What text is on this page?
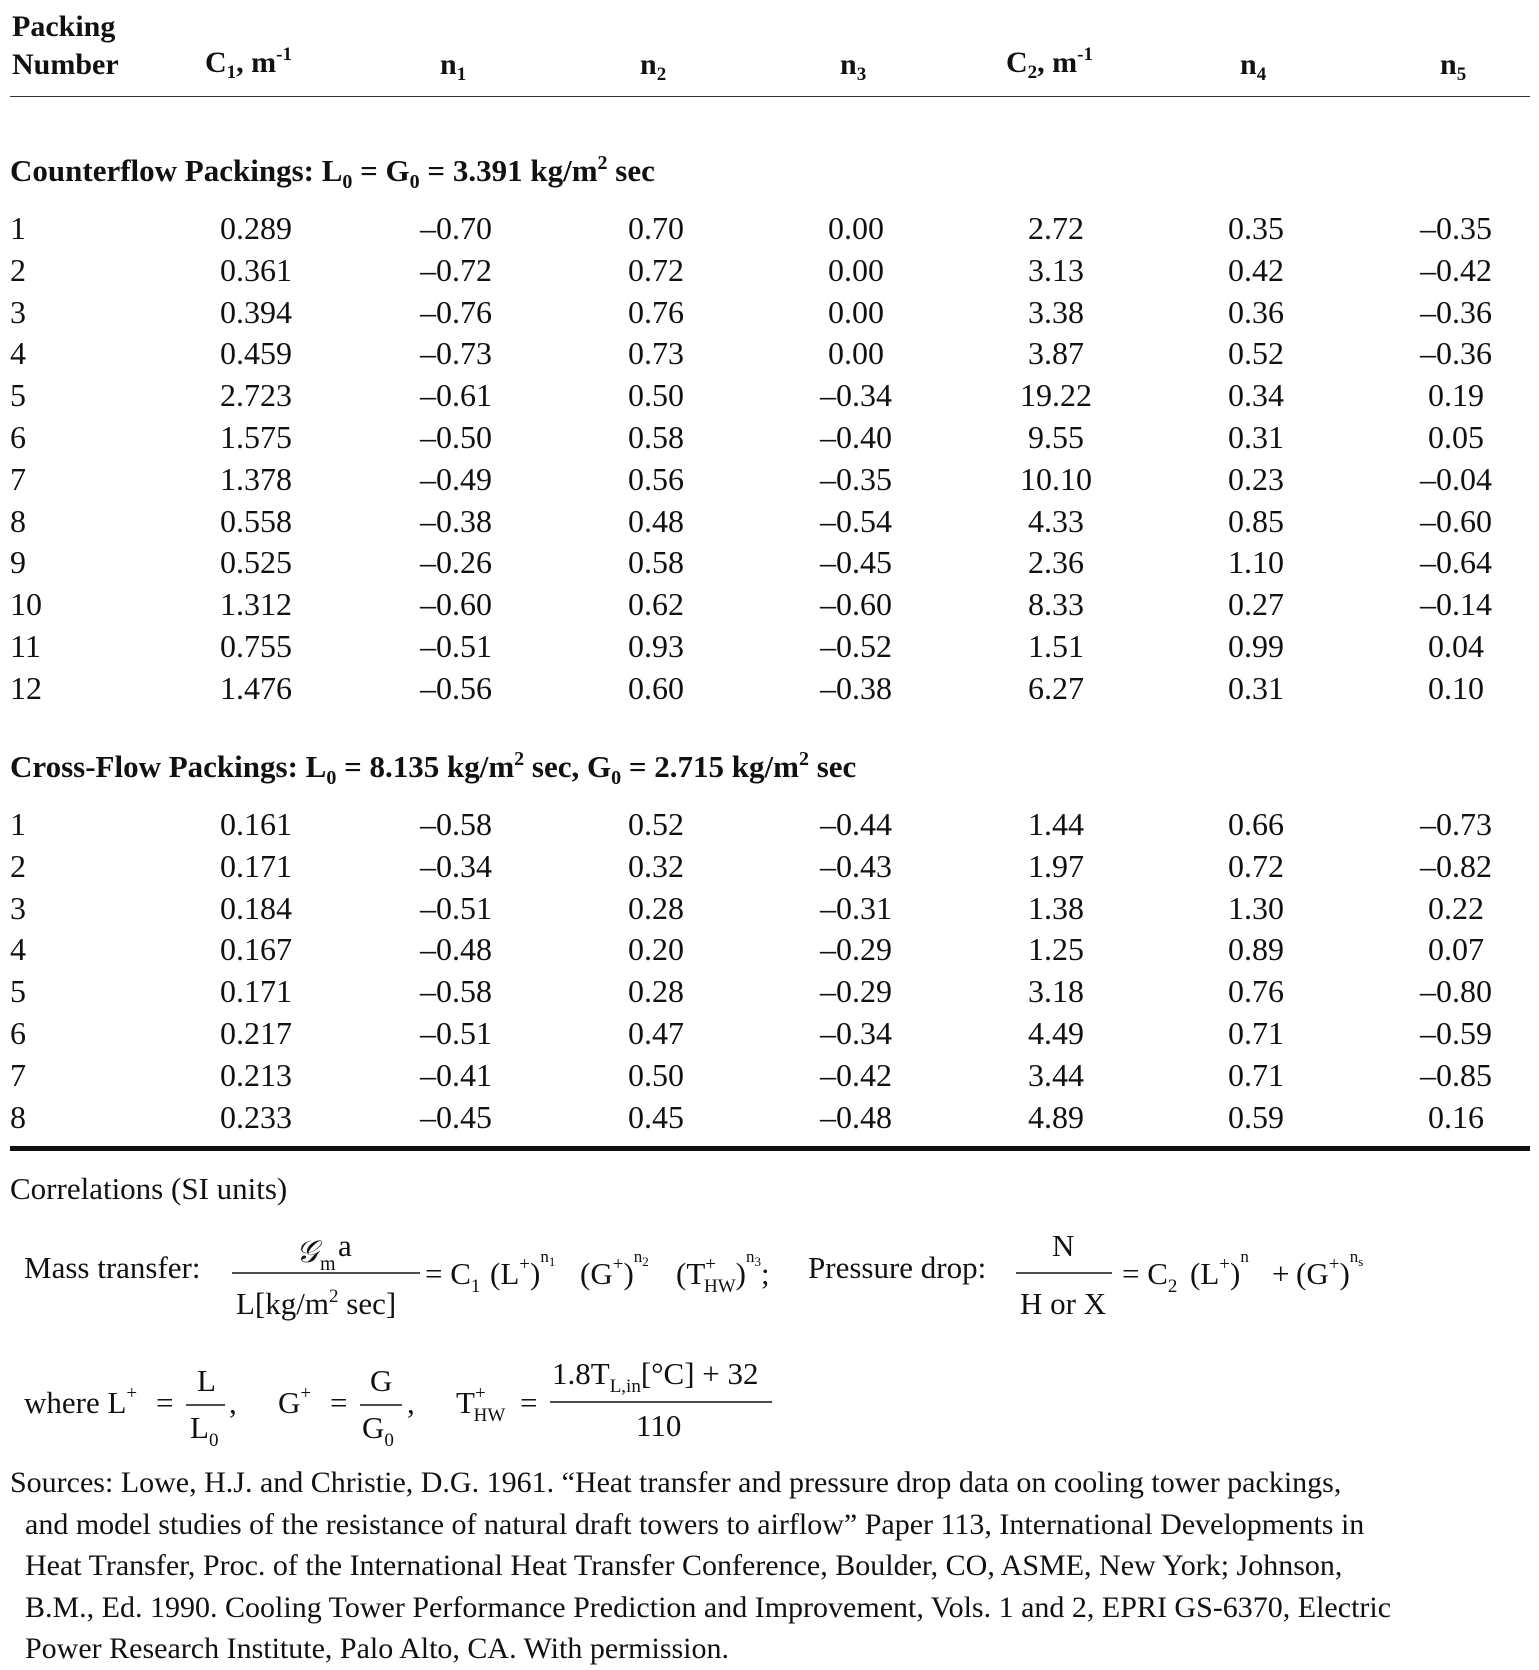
Packing
Number	$C_1$, $m^{-1}$	$n_1$	$n_2$	$n_3$	$C_2$, $m^{-1}$	$n_4$	$n_5$
Counterflow Packings: $L_0 = G_0 = 3.391$ $kg/m^2$ sec
1	0.289	–0.70	0.70	0.00	2.72	0.35	–0.35
2	0.361	–0.72	0.72	0.00	3.13	0.42	–0.42
3	0.394	–0.76	0.76	0.00	3.38	0.36	–0.36
4	0.459	–0.73	0.73	0.00	3.87	0.52	–0.36
5	2.723	–0.61	0.50	–0.34	19.22	0.34	0.19
6	1.575	–0.50	0.58	–0.40	9.55	0.31	0.05
7	1.378	–0.49	0.56	–0.35	10.10	0.23	–0.04
8	0.558	–0.38	0.48	–0.54	4.33	0.85	–0.60
9	0.525	–0.26	0.58	–0.45	2.36	1.10	–0.64
10	1.312	–0.60	0.62	–0.60	8.33	0.27	–0.14
11	0.755	–0.51	0.93	–0.52	1.51	0.99	0.04
12	1.476	–0.56	0.60	–0.38	6.27	0.31	0.10
Cross-Flow Packings: $L_0 = 8.135$ $kg/m^2$ sec, $G_0 = 2.715$ $kg/m^2$ sec
1	0.161	–0.58	0.52	–0.44	1.44	0.66	–0.73
2	0.171	–0.34	0.32	–0.43	1.97	0.72	–0.82
3	0.184	–0.51	0.28	–0.31	1.38	1.30	0.22
4	0.167	–0.48	0.20	–0.29	1.25	0.89	0.07
5	0.171	–0.58	0.28	–0.29	3.18	0.76	–0.80
6	0.217	–0.51	0.47	–0.34	4.49	0.71	–0.59
7	0.213	–0.41	0.50	–0.42	3.44	0.71	–0.85
8	0.233	–0.45	0.45	–0.48	4.89	0.59	0.16
Correlations (SI units)
Mass transfer:	𝒢 m
a
$L[kg/m^2$ sec]
= $C_1$ $(L^+)^n1$ $(G^+)^n2$ (T+ HW)$^n$3; Pressure drop:
N
H or X
= $C_2$ $(L^+)^n + (G^+)^ns$
where L+ =
L
$L_0$
, G+ =
G
$G_0$
, T+ HW =
$1.8T_{L,in}[^\circ C] + 32$
110
Sources: Lowe, H.J. and Christie, D.G. 1961. “Heat transfer and pressure drop data on cooling tower packings,
and model studies of the resistance of natural draft towers to airflow” Paper 113, International Developments in
Heat Transfer, Proc. of the International Heat Transfer Conference, Boulder, CO, ASME, New York; Johnson,
B.M., Ed. 1990. Cooling Tower Performance Prediction and Improvement, Vols. 1 and 2, EPRI GS-6370, Electric
Power Research Institute, Palo Alto, CA. With permission.
